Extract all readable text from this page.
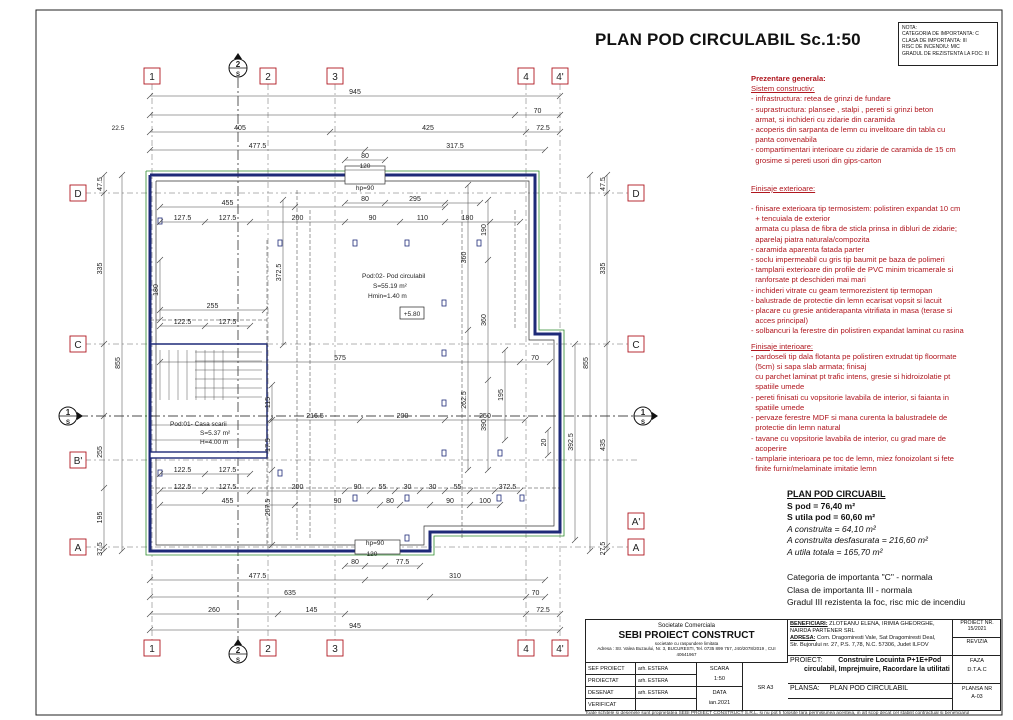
1
1
2
2
3
3
4
4
4'
4'
D
C
B'
A
D
C
A'
A
2
S
2
S
1
S
1
S
Pod:02- Pod circulabil
S=55.19 m²
Hmin=1.40 m
+5.80
Pod:01- Casa scarii
S=5.37 m²
H=4.00 m
hp=90
hp=90
945
70
405	425	72.5
477.5	317.5
80
120
22.5
477.5	310
635	70
260	145	72.5
945
80	77.5
120
47.5
335
255
195
37.5
855
47.5
335
435
27.5
855
392.5
455
80	295
127.5	127.5	200	90	110	180
255
122.5	127.5
575	70
216.5	200	250
122.5	127.5
122.5	127.5	200	90 55 30 30 55	372.5
455	90	80	90	100
372.5
360
262.5
190
360
390
195
180
115
17.5
207.5
20
PLAN POD CIRCULABIL Sc.1:50
NOTA:
CATEGORIA DE IMPORTANTA: C
CLASA DE IMPORTANTA: III
RISC DE INCENDIU: MIC
GRADUL DE REZISTENTA LA FOC: III
Prezentare generala:
Sistem constructiv:
- infrastructura: retea de grinzi de fundare
- suprastructura: plansee , stalpi , pereti si grinzi beton
armat, si inchideri cu zidarie din caramida
- acoperis din sarpanta de lemn cu invelitoare din tabla cu
panta convenabila
- compartimentari interioare cu zidarie de caramida de 15 cm
grosime si pereti usori din gips-carton
Finisaje exterioare:
- finisare exterioara tip termosistem: polistiren expandat 10 cm
+ tencuiala de exterior
armata cu plasa de fibra de sticla prinsa in dibluri de zidarie;
aparelaj piatra naturala/compozita
- caramida aparenta fatada parter
- soclu impermeabil cu gris tip baumit pe baza de polimeri
- tamplarii exterioare din profile de PVC minim tricamerale si
ranforsate pt deschideri mai mari
- inchideri vitrate cu geam termorezistent tip termopan
- balustrade de protectie din lemn ecarisat vopsit si lacuit
- placare cu gresie antiderapanta vitrifiata in masa (terase si
acces principal)
- solbancuri la ferestre din polistiren expandat laminat cu rasina
Finisaje interioare:
- pardoseli tip dala flotanta pe polistiren extrudat tip floormate
(5cm) si sapa slab armata; finisaj
cu parchet laminat pt trafic intens, gresie si hidroizolatie pt
spatiile umede
- pereti finisati cu vopsitorie lavabila de interior, si faianta in
spatiile umede
- pervaze ferestre MDF si mana curenta la balustradele de
protectie din lemn natural
- tavane cu vopsitorie lavabila de interior, cu grad mare de
acoperire
- tamplarie interioara pe toc de lemn, miez fonoizolant si fete
finite furnir/melaminate imitatie lemn
PLAN POD CIRCUABIL
S pod = 76,40 m²
S utila pod = 60,60 m²
A construita = 64,10 m²
A construita desfasurata = 216,60 m²
A utila totala = 165,70 m²
Categoria de importanta "C" - normala
Clasa de importanta III - normala
Gradul III rezistenta la foc, risc mic de incendiu
Societate Comerciala
SEBI PROIECT CONSTRUCT
societate cu raspundere limitata
Adresa : Str. Valea Buzaului, Nr. 3, BUCURESTI, Tel. 0735 899 757, J40/2078/2019 , CUI 40641967
BENEFICIARI: ZLOTEANU ELENA, IRIMIA GHEORGHE,
NAIRDA PARTENER SRL
ADRESA: Com. Dragomiresti Vale, Sat Dragomiresti Deal,
Str. Bujorului nr. 27, P.S. 7,78, N.C. 57306, Judet ILFOV
PROIECT NR.
15/2021
REVIZIA
PROIECT: Construire Locuinta P+1E+Pod
circulabil, Imprejmuire, Racordare la utilitati
FAZA
D.T.A.C
PLANSA: PLAN POD CIRCULABIL	PLANSA NR
A-03
SEF PROIECT	arh. ESTERA
PROIECTAT	arh. ESTERA
DESENAT	arh. ESTERA
VERIFICAT
SCARA
1:50
DATA
ian.2021
SR A3
Toate schitele si desenele sunt proprietatea SEBI PROIECT CONSTRUCT S.R.L. si nu pot fi folosite fara permisiunea acesteia, in alt scop decat cel stabilit contractual si beneficiarul
